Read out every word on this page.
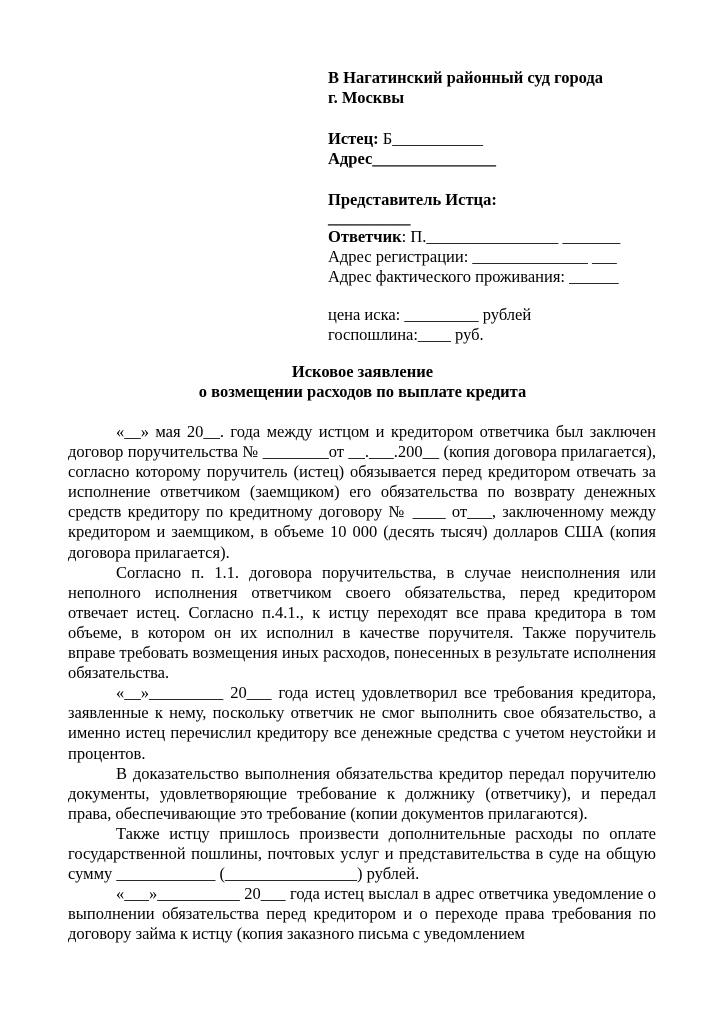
В Нагатинский районный суд города
г. Москвы
Истец: Б___________
Адрес_______________
Представитель Истца:
__________
Ответчик: П.________________ _______
Адрес регистрации: ______________ ___
Адрес фактического проживания: ______
цена иска: _________ рублей
госпошлина:____ руб.
Исковое заявление
о возмещении расходов по выплате кредита

«__» мая 20__. года между истцом и кредитором ответчика был заключен договор поручительства № ________от __.___.200__ (копия договора прилагается), согласно которому поручитель (истец) обязывается перед кредитором отвечать за исполнение ответчиком (заемщиком) его обязательства по возврату денежных средств кредитору по кредитному договору № ____ от___, заключенному между кредитором и заемщиком, в объеме 10 000 (десять тысяч) долларов США (копия договора прилагается).

Согласно п. 1.1. договора поручительства, в случае неисполнения или неполного исполнения ответчиком своего обязательства, перед кредитором отвечает истец. Согласно п.4.1., к истцу переходят все права кредитора в том объеме, в котором он их исполнил в качестве поручителя. Также поручитель вправе требовать возмещения иных расходов, понесенных в результате исполнения обязательства.

«__»_________ 20___ года истец удовлетворил все требования кредитора, заявленные к нему, поскольку ответчик не смог выполнить свое обязательство, а именно истец перечислил кредитору все денежные средства с учетом неустойки и процентов.

В доказательство выполнения обязательства кредитор передал поручителю документы, удовлетворяющие требование к должнику (ответчику), и передал права, обеспечивающие это требование (копии документов прилагаются).

Также истцу пришлось произвести дополнительные расходы по оплате государственной пошлины, почтовых услуг и представительства в суде на общую сумму ____________ (________________) рублей.

«___»__________ 20___ года истец выслал в адрес ответчика уведомление о выполнении обязательства перед кредитором и о переходе права требования по договору займа к истцу (копия заказного письма с уведомлением
